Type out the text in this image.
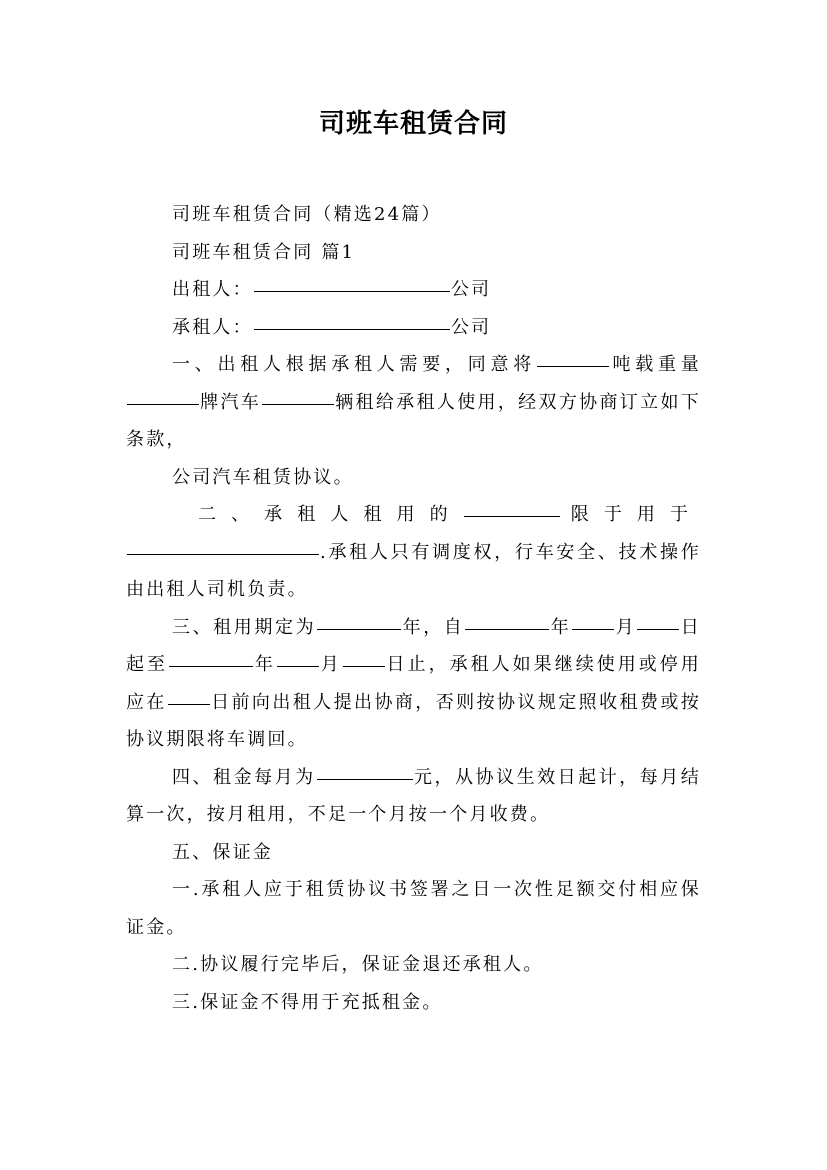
司班车租赁合同

司班车租赁合同（精选24篇）

司班车租赁合同 篇1

出租人：	公司

承租人：	公司

一、出租人根据承租人需要，同意将	吨载重量牌汽车	辆租给承租人使用，经双方协商订立如下条款，

公司汽车租赁协议。

二、承租人租用的	限于用于.承租人只有调度权，行车安全、技术操作由出租人司机负责。

三、租用期定为	年，自	年 月 日起至	年 月 日止，承租人如果继续使用或停用应在 日前向出租人提出协商，否则按协议规定照收租费或按协议期限将车调回。

四、租金每月为	元，从协议生效日起计，每月结算一次，按月租用，不足一个月按一个月收费。

五、保证金

一.承租人应于租赁协议书签署之日一次性足额交付相应保证金。

二.协议履行完毕后，保证金退还承租人。

三.保证金不得用于充抵租金。
